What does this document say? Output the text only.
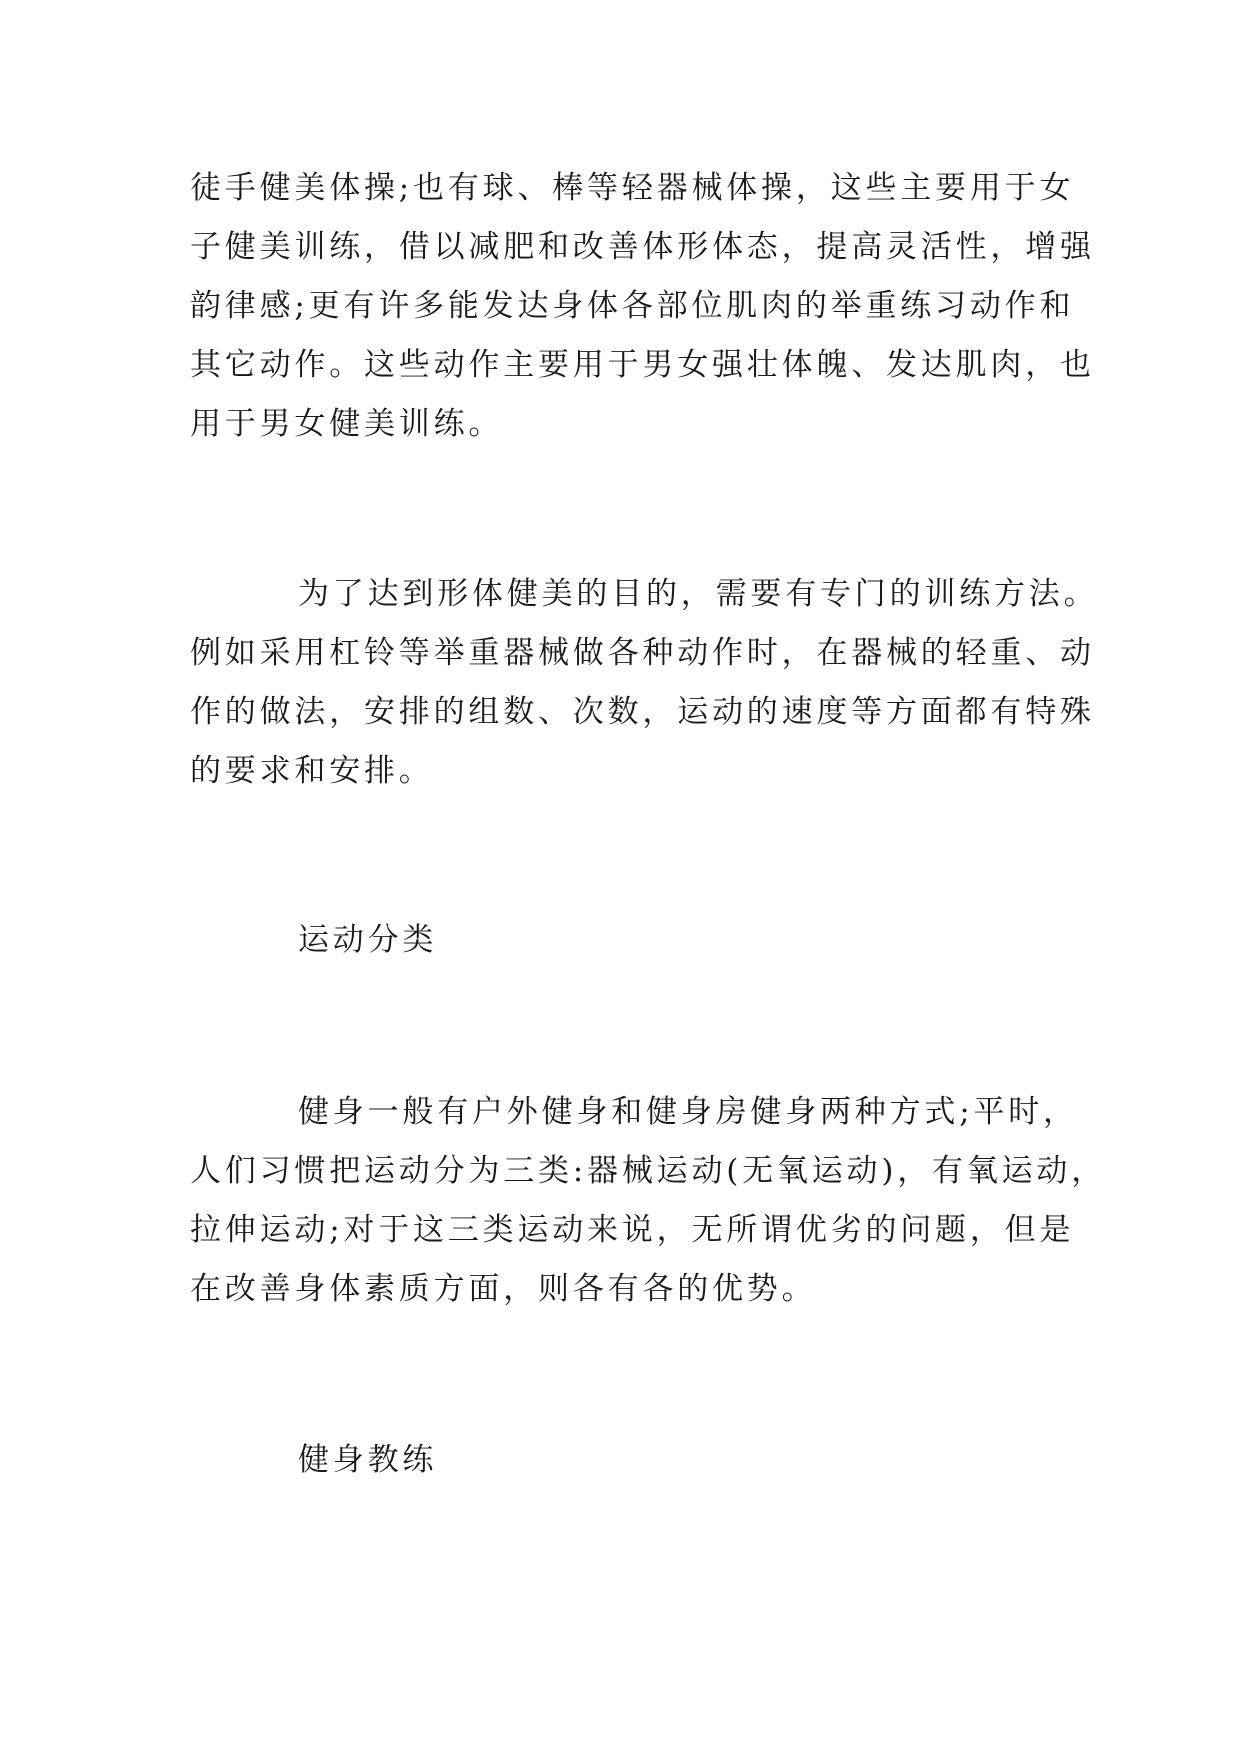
徒手健美体操;也有球、棒等轻器械体操，这些主要用于女
子健美训练，借以减肥和改善体形体态，提高灵活性，增强
韵律感;更有许多能发达身体各部位肌肉的举重练习动作和
其它动作。这些动作主要用于男女强壮体魄、发达肌肉，也
用于男女健美训练。
为了达到形体健美的目的，需要有专门的训练方法。
例如采用杠铃等举重器械做各种动作时，在器械的轻重、动
作的做法，安排的组数、次数，运动的速度等方面都有特殊
的要求和安排。
运动分类
健身一般有户外健身和健身房健身两种方式;平时，
人们习惯把运动分为三类:器械运动(无氧运动)，有氧运动，
拉伸运动;对于这三类运动来说，无所谓优劣的问题，但是
在改善身体素质方面，则各有各的优势。
健身教练
